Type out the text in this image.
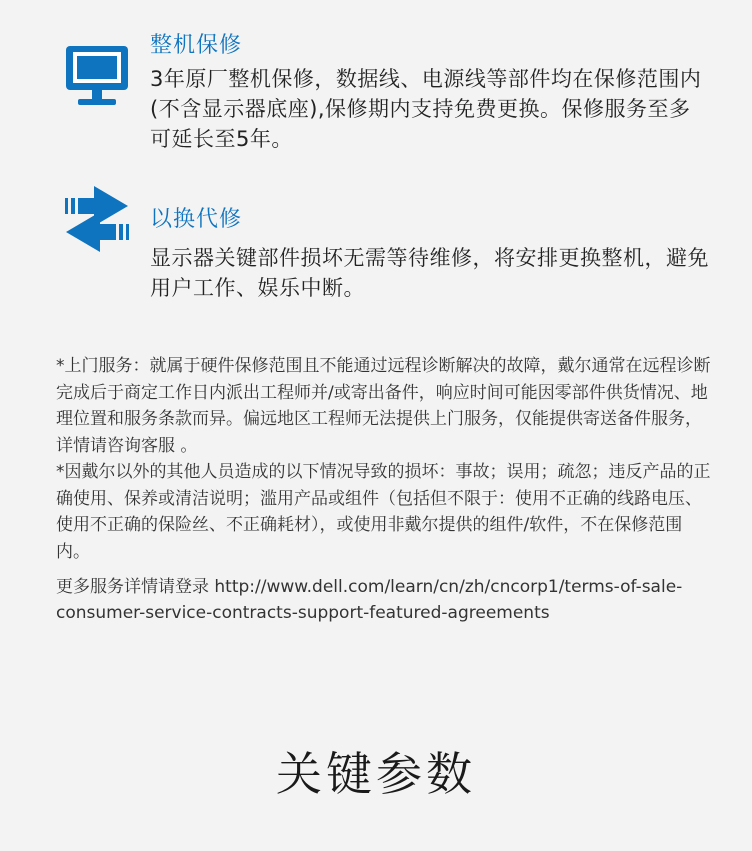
整机保修
3年原厂整机保修，数据线、电源线等部件均在保修范围内(不含显示器底座),保修期内支持免费更换。保修服务至多可延长至5年。
以换代修
显示器关键部件损坏无需等待维修，将安排更换整机，避免用户工作、娱乐中断。

*上门服务：就属于硬件保修范围且不能通过远程诊断解决的故障，戴尔通常在远程诊断完成后于商定工作日内派出工程师并/或寄出备件，响应时间可能因零部件供货情况、地理位置和服务条款而异。偏远地区工程师无法提供上门服务，仅能提供寄送备件服务，详情请咨询客服 。

*因戴尔以外的其他人员造成的以下情况导致的损坏：事故；误用；疏忽；违反产品的正确使用、保养或清洁说明；滥用产品或组件（包括但不限于：使用不正确的线路电压、使用不正确的保险丝、不正确耗材），或使用非戴尔提供的组件/软件，不在保修范围内。

更多服务详情请登录 http://www.dell.com/learn/cn/zh/cncorp1/terms-of-sale-consumer-service-contracts-support-featured-agreements
关键参数
